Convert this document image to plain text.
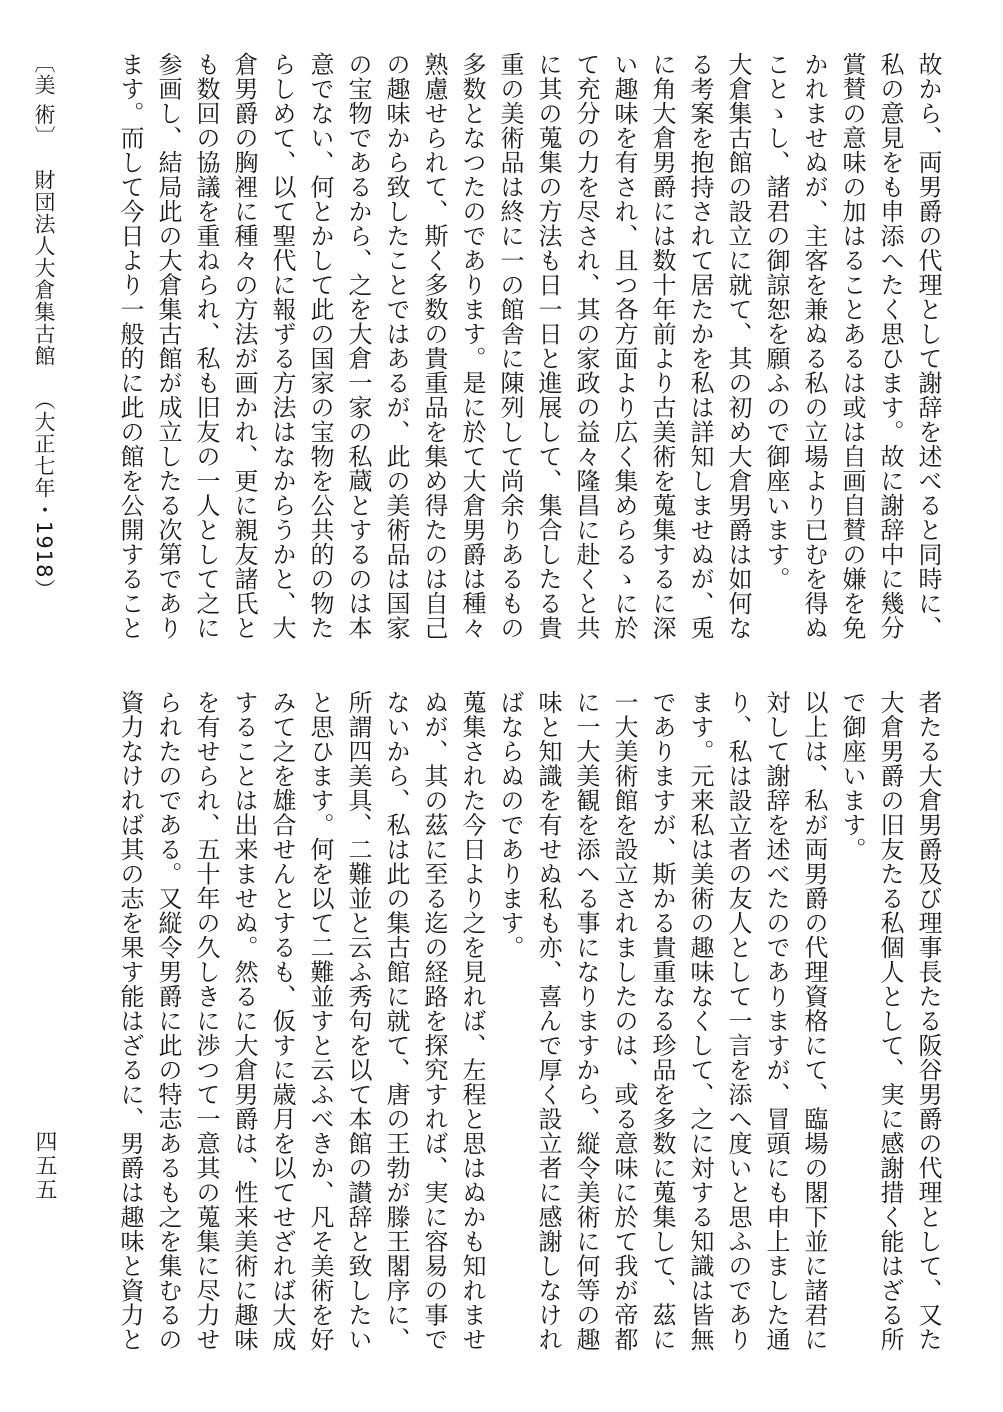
故から、両男爵の代理として謝辞を述べると同時に、私の意見をも申添へたく思ひます。故に謝辞中に幾分賞賛の意味の加はることあるは或は自画自賛の嫌を免かれませぬが、主客を兼ぬる私の立場より已むを得ぬことゝし、諸君の御諒恕を願ふので御座います。

大倉集古館の設立に就て、其の初め大倉男爵は如何なる考案を抱持されて居たかを私は詳知しませぬが、兎に角大倉男爵には数十年前より古美術を蒐集するに深い趣味を有され、且つ各方面より広く集めらるゝに於て充分の力を尽され、其の家政の益々隆昌に赴くと共に其の蒐集の方法も日一日と進展して、集合したる貴重の美術品は終に一の館舎に陳列して尚余りあるもの多数となつたのであります。是に於て大倉男爵は種々熟慮せられて、斯く多数の貴重品を集め得たのは自己の趣味から致したことではあるが、此の美術品は国家の宝物であるから、之を大倉一家の私蔵とするのは本意でない、何とかして此の国家の宝物を公共的の物たらしめて、以て聖代に報ずる方法はなからうかと、大倉男爵の胸裡に種々の方法が画かれ、更に親友諸氏とも数回の協議を重ねられ、私も旧友の一人として之に参画し、結局此の大倉集古館が成立したる次第であります。而して今日より一般的に此の館を公開すること

者たる大倉男爵及び理事長たる阪谷男爵の代理として、又た大倉男爵の旧友たる私個人として、実に感謝措く能はざる所で御座います。

以上は、私が両男爵の代理資格にて、臨場の閣下並に諸君に対して謝辞を述べたのでありますが、冒頭にも申上ました通り、私は設立者の友人として一言を添へ度いと思ふのであります。元来私は美術の趣味なくして、之に対する知識は皆無でありますが、斯かる貴重なる珍品を多数に蒐集して、茲に一大美術館を設立されましたのは、或る意味に於て我が帝都に一大美観を添へる事になりますから、縦令美術に何等の趣味と知識を有せぬ私も亦、喜んで厚く設立者に感謝しなければならぬのであります。

蒐集された今日より之を見れば、左程と思はぬかも知れませぬが、其の茲に至る迄の経路を探究すれば、実に容易の事でないから、私は此の集古館に就て、唐の王勃が滕王閣序に、所謂四美具、二難並と云ふ秀句を以て本館の讃辞と致したいと思ひます。何を以て二難並すと云ふべきか、凡そ美術を好みて之を雄合せんとするも、仮すに歳月を以てせざれば大成することは出来ませぬ。然るに大倉男爵は、性来美術に趣味を有せられ、五十年の久しきに渉つて一意其の蒐集に尽力せられたのである。又縦令男爵に此の特志あるも之を集むるの資力なければ其の志を果す能はざるに、男爵は趣味と資力と

〔美 術〕 財団法人大倉集古館 （大正七年・1918）
四五五
